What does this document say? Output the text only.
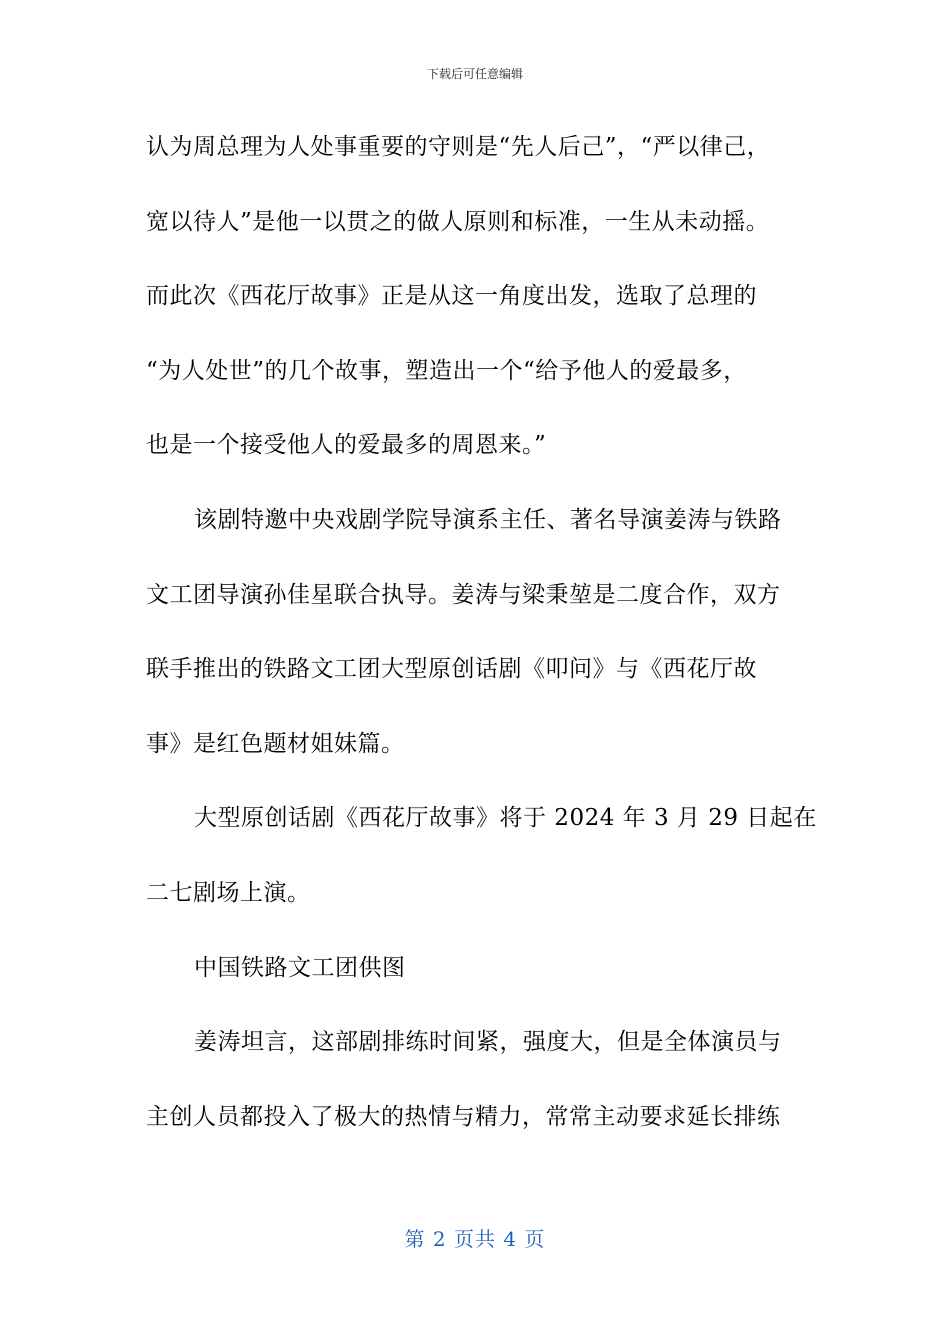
下载后可任意编辑
认为周总理为人处事重要的守则是“先人后己”，“严以律己，
宽以待人”是他一以贯之的做人原则和标准，一生从未动摇。
而此次《西花厅故事》正是从这一角度出发，选取了总理的
“为人处世”的几个故事，塑造出一个“给予他人的爱最多，
也是一个接受他人的爱最多的周恩来。”
该剧特邀中央戏剧学院导演系主任、著名导演姜涛与铁路
文工团导演孙佳星联合执导。姜涛与梁秉堃是二度合作，双方
联手推出的铁路文工团大型原创话剧《叩问》与《西花厅故
事》是红色题材姐妹篇。
大型原创话剧《西花厅故事》将于 2024 年 3 月 29 日起在
二七剧场上演。
中国铁路文工团供图
姜涛坦言，这部剧排练时间紧，强度大，但是全体演员与
主创人员都投入了极大的热情与精力，常常主动要求延长排练
第 2 页共 4 页
